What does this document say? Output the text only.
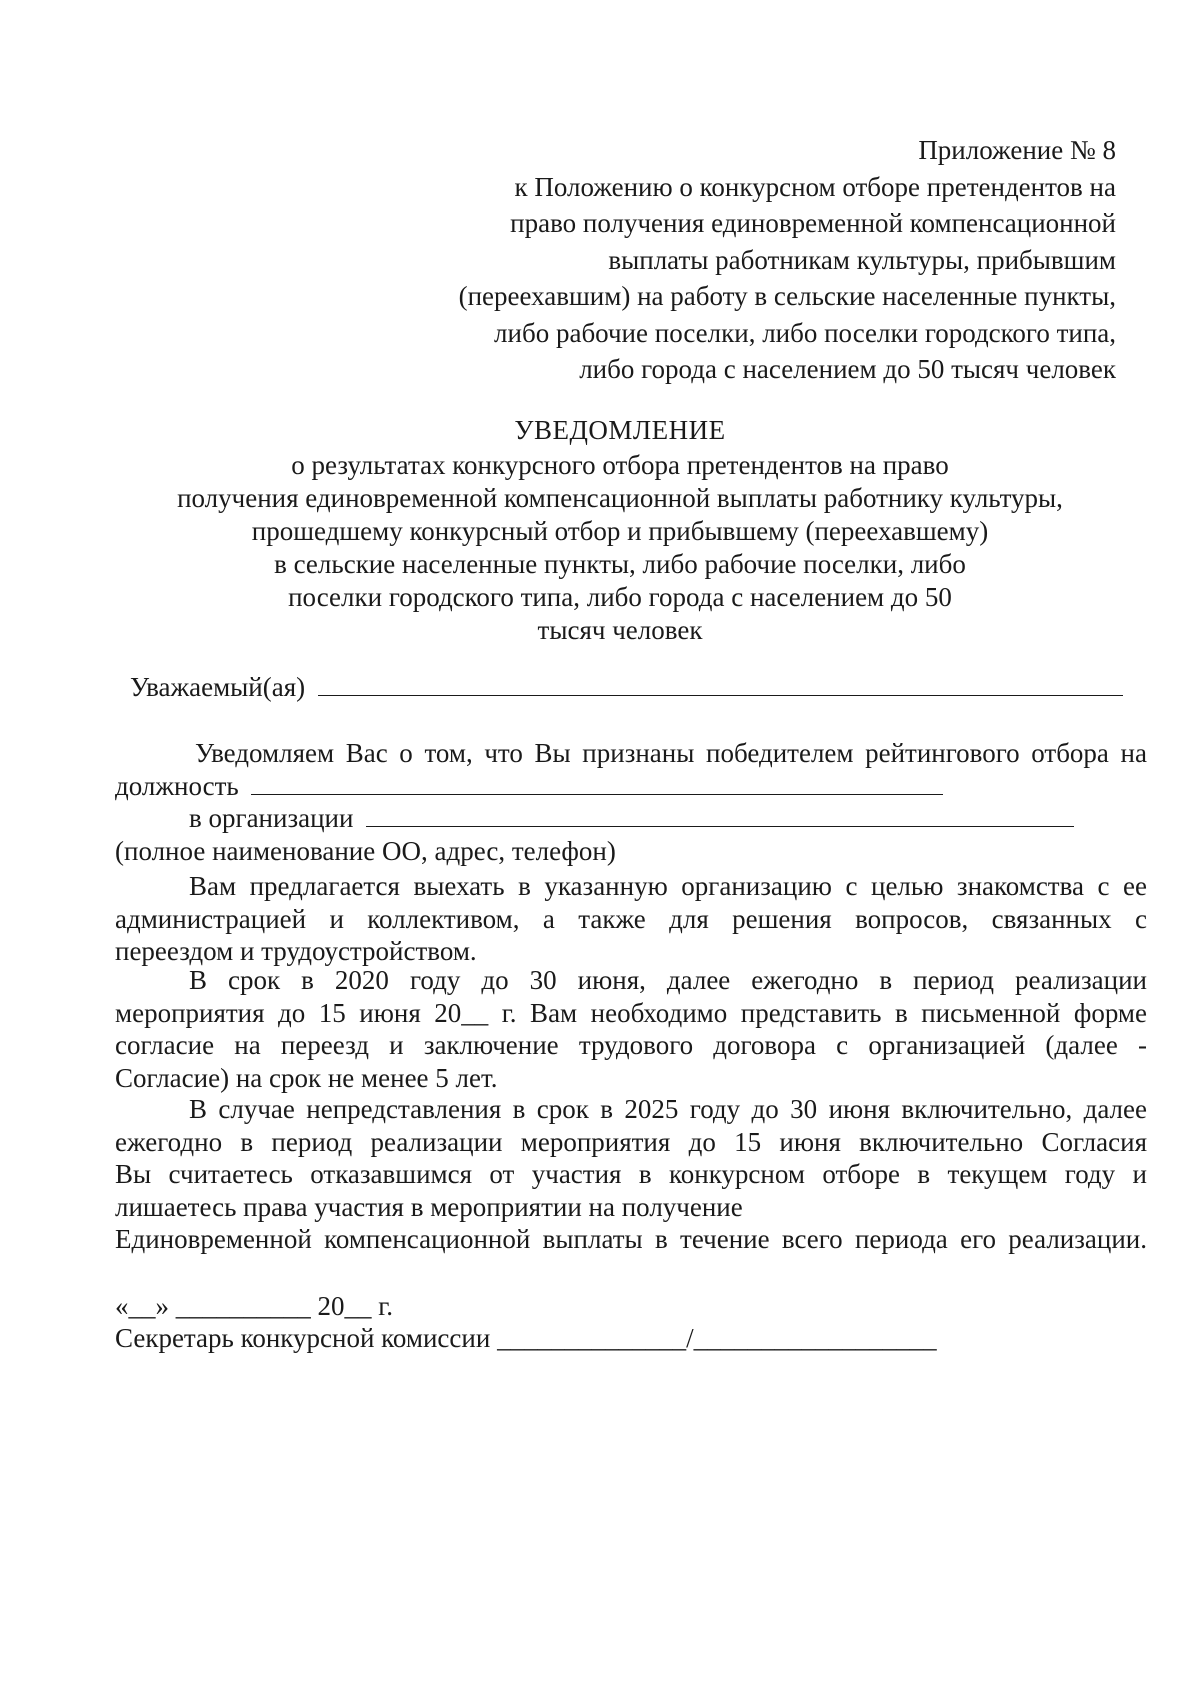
Приложение № 8
к Положению о конкурсном отборе претендентов на
право получения единовременной компенсационной
выплаты работникам культуры, прибывшим
(переехавшим) на работу в сельские населенные пункты,
либо рабочие поселки, либо поселки городского типа,
либо города с населением до 50 тысяч человек
УВЕДОМЛЕНИЕ
о результатах конкурсного отбора претендентов на право
получения единовременной компенсационной выплаты работнику культуры,
прошедшему конкурсный отбор и прибывшему (переехавшему)
в сельские населенные пункты, либо рабочие поселки, либо
поселки городского типа, либо города с населением до 50
тысяч человек
Уважаемый(ая)
Уведомляем Вас о том, что Вы признаны победителем рейтингового отбора на
должность
в организации
(полное наименование ОО, адрес, телефон)
Вам предлагается выехать в указанную организацию с целью знакомства с ее
администрацией и коллективом, а также для решения вопросов, связанных с
переездом и трудоустройством.
В срок в 2020 году до 30 июня, далее ежегодно в период реализации
мероприятия до 15 июня 20__ г. Вам необходимо представить в письменной форме
согласие на переезд и заключение трудового договора с организацией (далее -
Согласие) на срок не менее 5 лет.
В случае непредставления в срок в 2025 году до 30 июня включительно, далее
ежегодно в период реализации мероприятия до 15 июня включительно Согласия
Вы считаетесь отказавшимся от участия в конкурсном отборе в текущем году и
лишаетесь права участия в мероприятии на получение
Единовременной компенсационной выплаты в течение всего периода его реализации.
«__» __________ 20__ г.
Секретарь конкурсной комиссии ______________/__________________
